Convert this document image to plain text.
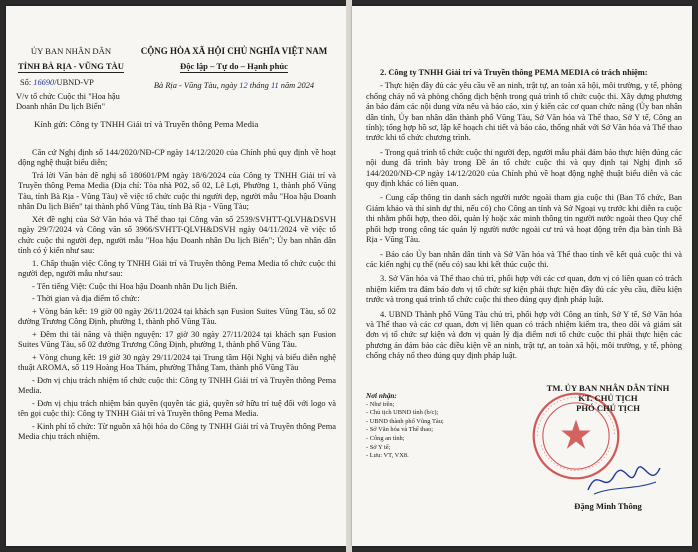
ỦY BAN NHÂN DÂN
TỈNH BÀ RỊA - VŨNG TÀU
CỘNG HÒA XÃ HỘI CHỦ NGHĨA VIỆT NAM
Độc lập – Tự do – Hạnh phúc
Số: 16690/UBND-VP	Bà Rịa - Vũng Tàu, ngày 12 tháng 11 năm 2024
V/v tổ chức Cuộc thi "Hoa hậu Doanh nhân Du lịch Biển"
Kính gửi: Công ty TNHH Giải trí và Truyền thông Pema Media

Căn cứ Nghị định số 144/2020/NĐ-CP ngày 14/12/2020 của Chính phủ quy định về hoạt động nghệ thuật biểu diễn;

Trả lời Văn bản đề nghị số 180601/PM ngày 18/6/2024 của Công ty TNHH Giải trí và Truyền thông Pema Media (Địa chỉ: Tòa nhà P02, số 02, Lê Lợi, Phường 1, thành phố Vũng Tàu, tỉnh Bà Rịa - Vũng Tàu) về việc tổ chức cuộc thi người đẹp, người mẫu "Hoa hậu Doanh nhân Du lịch Biển" tại thành phố Vũng Tàu, tỉnh Bà Rịa - Vũng Tàu;

Xét đề nghị của Sở Văn hóa và Thể thao tại Công văn số 2539/SVHTT-QLVH&DSVH ngày 29/7/2024 và Công văn số 3966/SVHTT-QLVH&DSVH ngày 04/11/2024 về việc tổ chức cuộc thi người đẹp, người mẫu "Hoa hậu Doanh nhân Du lịch Biển"; Ủy ban nhân dân tỉnh có ý kiến như sau:

1. Chấp thuận việc Công ty TNHH Giải trí và Truyền thông Pema Media tổ chức cuộc thi người đẹp, người mẫu như sau:

- Tên tiếng Việt: Cuộc thi Hoa hậu Doanh nhân Du lịch Biển.

- Thời gian và địa điểm tổ chức:

+ Vòng bán kết: 19 giờ 00 ngày 26/11/2024 tại khách sạn Fusion Suites Vũng Tàu, số 02 đường Trương Công Định, phường 1, thành phố Vũng Tàu.

+ Đêm thi tài năng và thiện nguyện: 17 giờ 30 ngày 27/11/2024 tại khách sạn Fusion Suites Vũng Tàu, số 02 đường Trương Công Định, phường 1, thành phố Vũng Tàu.

+ Vòng chung kết: 19 giờ 30 ngày 29/11/2024 tại Trung tâm Hội Nghị và biểu diễn nghệ thuật AROMA, số 119 Hoàng Hoa Thám, phường Thắng Tam, thành phố Vũng Tàu

- Đơn vị chịu trách nhiệm tổ chức cuộc thi: Công ty TNHH Giải trí và Truyền thông Pema Media.

- Đơn vị chịu trách nhiệm bản quyền (quyền tác giả, quyền sở hữu trí tuệ đối với logo và tên gọi cuộc thi): Công ty TNHH Giải trí và Truyền thông Pema Media.

- Kinh phí tổ chức: Từ nguồn xã hội hóa do Công ty TNHH Giải trí và Truyền thông Pema Media chịu trách nhiệm.

2. Công ty TNHH Giải trí và Truyền thông PEMA MEDIA có trách nhiệm:

- Thực hiện đầy đủ các yêu cầu về an ninh, trật tự, an toàn xã hội, môi trường, y tế, phòng chống cháy nổ và phòng chống dịch bệnh trong quá trình tổ chức cuộc thi. Xây dựng phương án bảo đảm các nội dung vừa nêu và báo cáo, xin ý kiến các cơ quan chức năng (Ủy ban nhân dân tỉnh, Ủy ban nhân dân thành phố Vũng Tàu, Sở Văn hóa và Thể thao, Sở Y tế, Công an tỉnh); tổng hợp hồ sơ, lập kế hoạch chi tiết và báo cáo, thống nhất với Sở Văn hóa và Thể thao trước khi tổ chức chương trình.

- Trong quá trình tổ chức cuộc thi người đẹp, người mẫu phải đảm bảo thực hiện đúng các nội dung đã trình bày trong Đề án tổ chức cuộc thi và quy định tại Nghị định số 144/2020/NĐ-CP ngày 14/12/2020 của Chính phủ về hoạt động nghệ thuật biểu diễn và các quy định khác có liên quan.

- Cung cấp thông tin danh sách người nước ngoài tham gia cuộc thi (Ban Tổ chức, Ban Giám khảo và thí sinh dự thi, nếu có) cho Công an tỉnh và Sở Ngoại vụ trước khi diễn ra cuộc thi nhằm phối hợp, theo dõi, quản lý hoặc xác minh thông tin người nước ngoài theo Quy chế phối hợp trong công tác quản lý người nước ngoài cư trú và hoạt động trên địa bàn tỉnh Bà Rịa - Vũng Tàu.

- Báo cáo Ủy ban nhân dân tỉnh và Sở Văn hóa và Thể thao tỉnh về kết quả cuộc thi và các kiến nghị cụ thể (nếu có) sau khi kết thúc cuộc thi.

3. Sở Văn hóa và Thể thao chủ trì, phối hợp với các cơ quan, đơn vị có liên quan có trách nhiệm kiểm tra đảm bảo đơn vị tổ chức sự kiện phải thực hiện đầy đủ các yêu cầu, điều kiện trước và trong quá trình tổ chức cuộc thi theo đúng quy định pháp luật.

4. UBND Thành phố Vũng Tàu chủ trì, phối hợp với Công an tỉnh, Sở Y tế, Sở Văn hóa và Thể thao và các cơ quan, đơn vị liên quan có trách nhiệm kiểm tra, theo dõi và giám sát đơn vị tổ chức sự kiện và đơn vị quản lý địa điểm nơi tổ chức cuộc thi phải thực hiện các phương án đảm bảo các điều kiện về an ninh, trật tự, an toàn xã hội, môi trường, y tế, phòng chống cháy nổ theo đúng quy định pháp luật.

Nơi nhận:
- Như trên;
- Chủ tịch UBND tỉnh (b/c);
- UBND thành phố Vũng Tàu;
- Sở Văn hóa và Thể thao;
- Công an tỉnh;
- Sở Y tế;
- Lưu: VT, VX8.
TM. ỦY BAN NHÂN DÂN TỈNH
KT. CHỦ TỊCH
PHÓ CHỦ TỊCH
Đặng Minh Thông
